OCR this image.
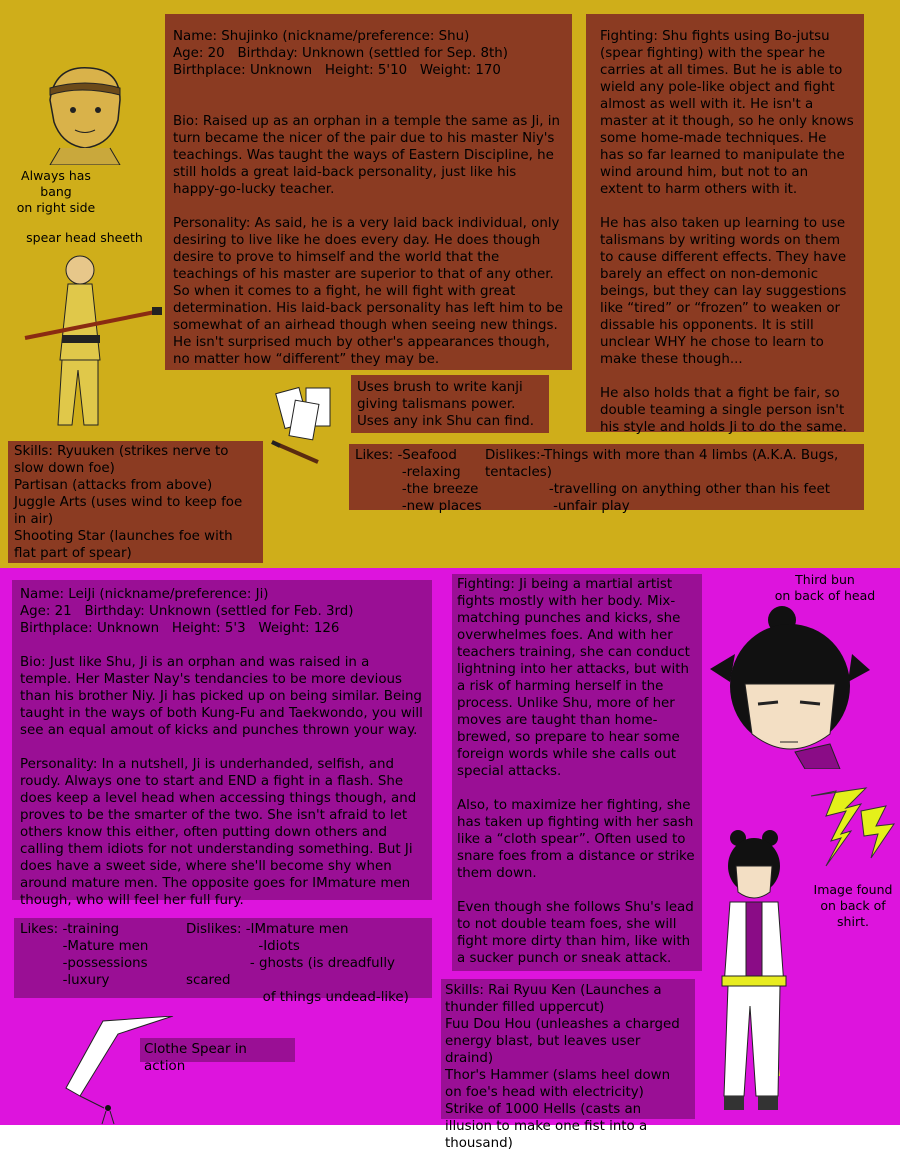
Always has bang
on right side
spear head sheeth
Name: Shujinko (nickname/preference: Shu)
Age: 20   Birthday: Unknown (settled for Sep. 8th)
Birthplace: Unknown   Height: 5'10   Weight: 170

Bio: Raised up as an orphan in a temple the same as Ji, in turn became the nicer of the pair due to his master Niy's teachings. Was taught the ways of Eastern Discipline, he still holds a great laid-back personality, just like his happy-go-lucky teacher.

Personality: As said, he is a very laid back individual, only desiring to live like he does every day. He does though desire to prove to himself and the world that the teachings of his master are superior to that of any other. So when it comes to a fight, he will fight with great determination. His laid-back personality has left him to be somewhat of an airhead though when seeing new things. He isn't surprised much by other's appearances though, no matter how “different” they may be.
Fighting: Shu fights using Bo-jutsu (spear fighting) with the spear he carries at all times. But he is able to wield any pole-like object and fight almost as well with it. He isn't a master at it though, so he only knows some home-made techniques. He has so far learned to manipulate the wind around him, but not to an extent to harm others with it.

He has also taken up learning to use talismans by writing words on them to cause different effects. They have barely an effect on non-demonic beings, but they can lay suggestions like “tired” or “frozen” to weaken or dissable his opponents. It is still unclear WHY he chose to learn to make these though...

He also holds that a fight be fair, so double teaming a single person isn't his style and holds Ji to do the same.
Uses brush to write kanji giving talismans power. Uses any ink Shu can find.

Likes: -Seafood
-relaxing
-the breeze
-new places

Dislikes:-Things with more than 4 limbs (A.K.A. Bugs, tentacles)
-travelling on anything other than his feet
-unfair play

Skills: Ryuuken (strikes nerve to slow down foe)
Partisan (attacks from above)
Juggle Arts (uses wind to keep foe in air)
Shooting Star (launches foe with flat part of spear)
Name: LeiJi (nickname/preference: Ji)
Age: 21   Birthday: Unknown (settled for Feb. 3rd)
Birthplace: Unknown   Height: 5'3   Weight: 126

Bio: Just like Shu, Ji is an orphan and was raised in a temple. Her Master Nay's tendancies to be more devious than his brother Niy. Ji has picked up on being similar. Being taught in the ways of both Kung-Fu and Taekwondo, you will see an equal amout of kicks and punches thrown your way.

Personality: In a nutshell, Ji is underhanded, selfish, and roudy. Always one to start and END a fight in a flash. She does keep a level head when accessing things though, and proves to be the smarter of the two. She isn't afraid to let others know this either, often putting down others and calling them idiots for not understanding something. But Ji does have a sweet side, where she'll become shy when around mature men. The opposite goes for IMmature men though, who will feel her full fury.
Fighting: Ji being a martial artist fights mostly with her body. Mix-matching punches and kicks, she overwhelmes foes. And with her teachers training, she can conduct lightning into her attacks, but with a risk of harming herself in the process. Unlike Shu, more of her moves are taught than home-brewed, so prepare to hear some foreign words while she calls out special attacks.

Also, to maximize her fighting, she has taken up fighting with her sash like a “cloth spear”. Often used to snare foes from a distance or strike them down.

Even though she follows Shu's lead to not double team foes, she will fight more dirty than him, like with a sucker punch or sneak attack.
Third bun
on back of head
Image found
on back of
shirt.

Likes: -training
-Mature men
-possessions
-luxury

Dislikes: -IMmature men
-Idiots
- ghosts (is dreadfully scared
of things undead-like)

Clothe Spear in action
Skills: Rai Ryuu Ken (Launches a thunder filled uppercut)
Fuu Dou Hou (unleashes a charged energy blast, but leaves user draind)
Thor's Hammer (slams heel down on foe's head with electricity)
Strike of 1000 Hells (casts an illusion to make one fist into a thousand)
